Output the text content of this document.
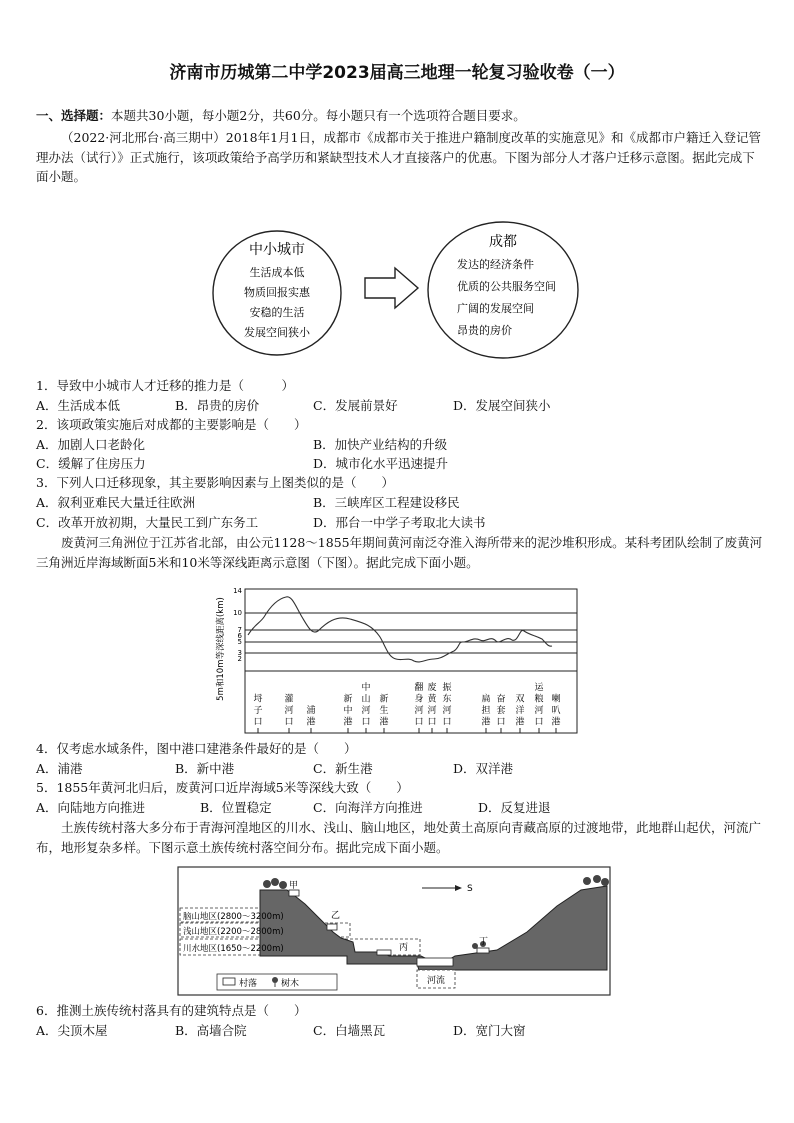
济南市历城第二中学2023届高三地理一轮复习验收卷（一）
一、选择题：本题共30小题，每小题2分，共60分。每小题只有一个选项符合题目要求。
（2022·河北邢台·高三期中）2018年1月1日，成都市《成都市关于推进户籍制度改革的实施意见》和《成都市户籍迁入登记管理办法（试行）》正式施行，该项政策给予高学历和紧缺型技术人才直接落户的优惠。下图为部分人才落户迁移示意图。据此完成下面小题。
中小城市
生活成本低
物质回报实惠
安稳的生活
发展空间狭小
成都
发达的经济条件
优质的公共服务空间
广阔的发展空间
昂贵的房价
1．导致中小城市人才迁移的推力是（　　　）
A．生活成本低	B．昂贵的房价	C．发展前景好	D．发展空间狭小
2．该项政策实施后对成都的主要影响是（　　）
A．加剧人口老龄化	B．加快产业结构的升级
C．缓解了住房压力	D．城市化水平迅速提升
3．下列人口迁移现象，其主要影响因素与上图类似的是（　　）
A．叙利亚难民大量迁往欧洲	B．三峡库区工程建设移民
C．改革开放初期，大量民工到广东务工	D．邢台一中学子考取北大读书
废黄河三角洲位于江苏省北部，由公元1128～1855年期间黄河南泛夺淮入海所带来的泥沙堆积形成。某科考团队绘制了废黄河三角洲近岸海域断面5米和10米等深线距离示意图（下图）。据此完成下面小题。
5m和10m等深线距离(km)
14
10
7
6
5
3
2
埒
子
口
灌
河
口
浦
港
新
中
港
中
山
河
口
新
生
港
翻
身
河
口
废
黄
河
口
振
东
河
口
扁
担
港
奋
套
口
双
洋
港
运
粮
河
口
喇
叭
港
4．仅考虑水域条件，图中港口建港条件最好的是（　　）
A．浦港	B．新中港	C．新生港	D．双洋港
5．1855年黄河北归后，废黄河口近岸海域5米等深线大致（　　）
A．向陆地方向推进	B．位置稳定	C．向海洋方向推进	D．反复进退
土族传统村落大多分布于青海河湟地区的川水、浅山、脑山地区，地处黄土高原向青藏高原的过渡地带，此地群山起伏，河流广布，地形复杂多样。下图示意土族传统村落空间分布。据此完成下面小题。
河流
脑山地区(2800～3200m)
浅山地区(2200～2800m)
川水地区(1650～2200m)
甲
乙
丙
丁
S
村落	树木
6．推测土族传统村落具有的建筑特点是（　　）
A．尖顶木屋	B．高墙合院	C．白墙黑瓦	D．宽门大窗
